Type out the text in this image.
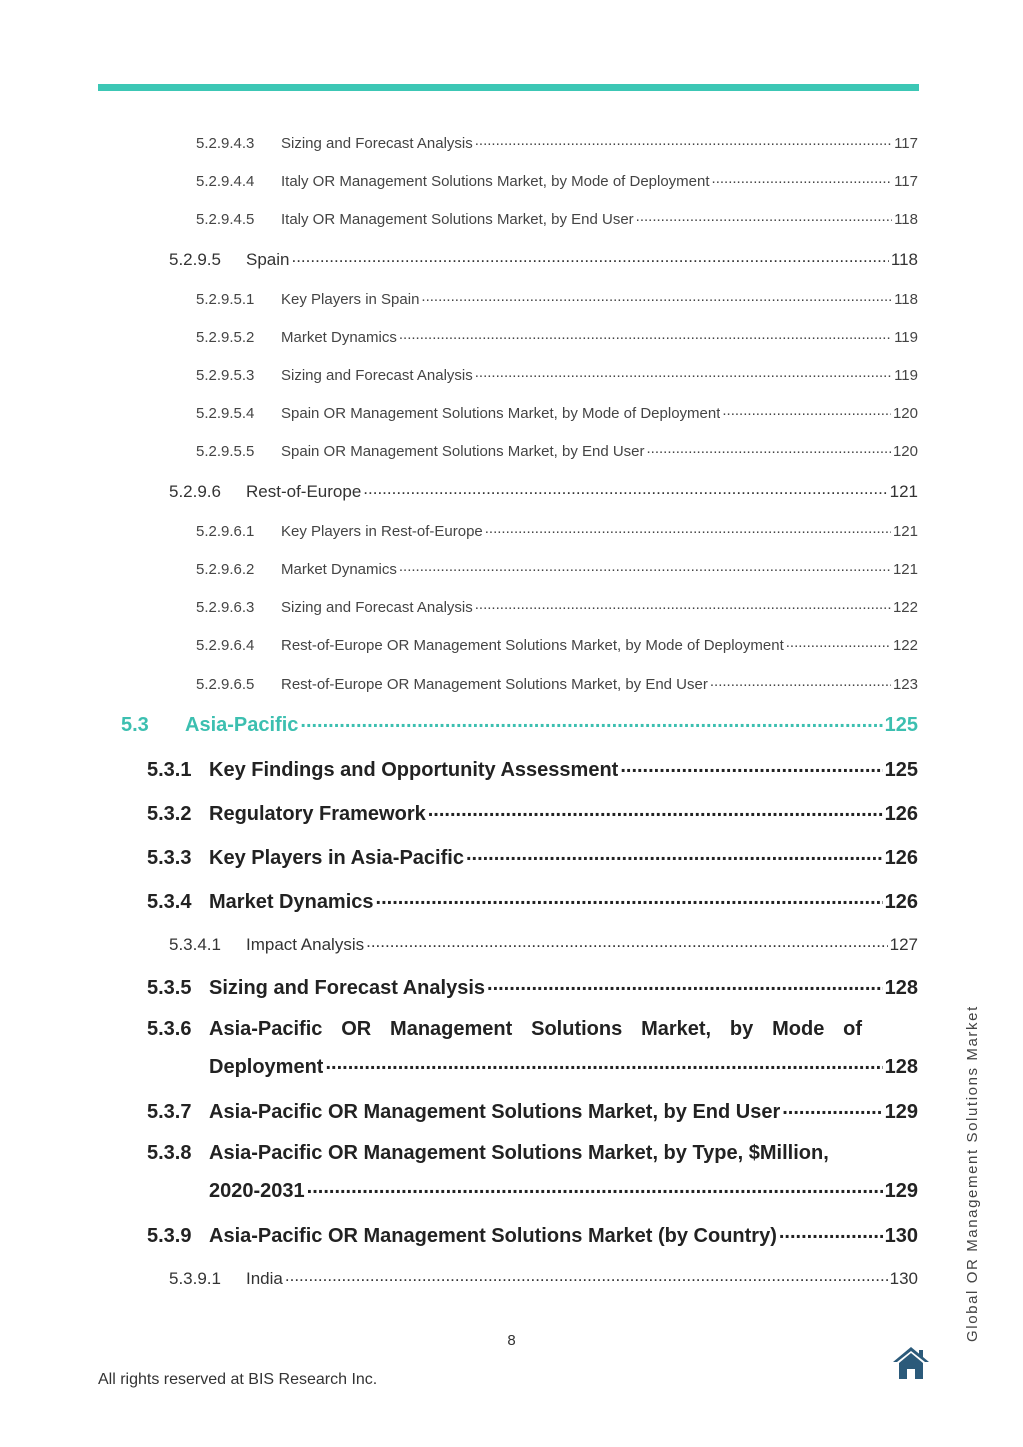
5.2.9.4.3	Sizing and Forecast Analysis .....	117
5.2.9.4.4	Italy OR Management Solutions Market, by Mode of Deployment .....	117
5.2.9.4.5	Italy OR Management Solutions Market, by End User .....	118
5.2.9.5	Spain .....	118
5.2.9.5.1	Key Players in Spain .....	118
5.2.9.5.2	Market Dynamics .....	119
5.2.9.5.3	Sizing and Forecast Analysis .....	119
5.2.9.5.4	Spain OR Management Solutions Market, by Mode of Deployment .....	120
5.2.9.5.5	Spain OR Management Solutions Market, by End User .....	120
5.2.9.6	Rest-of-Europe .....	121
5.2.9.6.1	Key Players in Rest-of-Europe .....	121
5.2.9.6.2	Market Dynamics .....	121
5.2.9.6.3	Sizing and Forecast Analysis .....	122
5.2.9.6.4	Rest-of-Europe OR Management Solutions Market, by Mode of Deployment .....	122
5.2.9.6.5	Rest-of-Europe OR Management Solutions Market, by End User .....	123
5.3	Asia-Pacific .....	125
5.3.1 Key Findings and Opportunity Assessment .....	125
5.3.2 Regulatory Framework .....	126
5.3.3 Key Players in Asia-Pacific .....	126
5.3.4 Market Dynamics .....	126
5.3.4.1	Impact Analysis .....	127
5.3.5 Sizing and Forecast Analysis .....	128
5.3.6 Asia-Pacific OR Management Solutions Market, by Mode of
Deployment .....	128
5.3.7 Asia-Pacific OR Management Solutions Market, by End User .....	129
5.3.8 Asia-Pacific OR Management Solutions Market, by Type, $Million,
2020-2031 .....	129
5.3.9 Asia-Pacific OR Management Solutions Market (by Country) .....	130
5.3.9.1	India .....	130
8
All rights reserved at BIS Research Inc.
Global OR Management Solutions Market
